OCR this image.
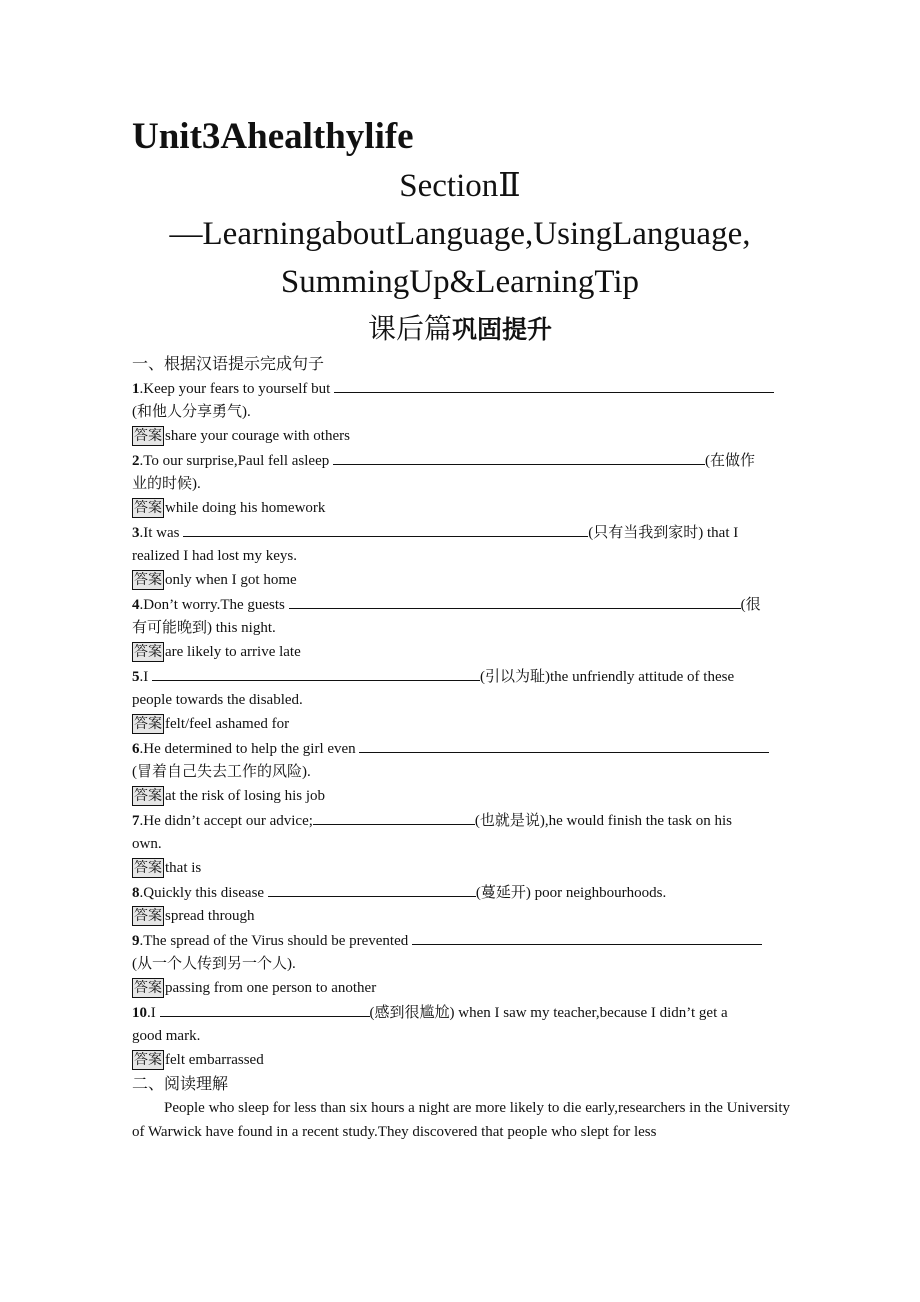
Unit3Ahealthylife

SectionⅡ

—LearningaboutLanguage,UsingLanguage,

SummingUp&LearningTip

课后篇巩固提升

一、根据汉语提示完成句子
1.Keep your fears to yourself but
(和他人分享勇气).
答案 share your courage with others
2.To our surprise,Paul fell asleep	(在做作
业的时候).
答案 while doing his homework
3.It was	(只有当我到家时) that I
realized I had lost my keys.
答案 only when I got home
4.Don’t worry.The guests	(很
有可能晚到) this night.
答案 are likely to arrive late
5.I	(引以为耻)the unfriendly attitude of these
people towards the disabled.
答案 felt/feel ashamed for
6.He determined to help the girl even
(冒着自己失去工作的风险).
答案 at the risk of losing his job
7.He didn’t accept our advice;	(也就是说),he would finish the task on his
own.
答案 that is
8.Quickly this disease	(蔓延开) poor neighbourhoods.
答案 spread through
9.The spread of the Virus should be prevented
(从一个人传到另一个人).
答案 passing from one person to another
10.I	(感到很尴尬) when I saw my teacher,because I didn’t get a
good mark.
答案 felt embarrassed
二、阅读理解
People who sleep for less than six hours a night are more likely to die early,researchers in the University of Warwick have found in a recent study.They discovered that people who slept for less
